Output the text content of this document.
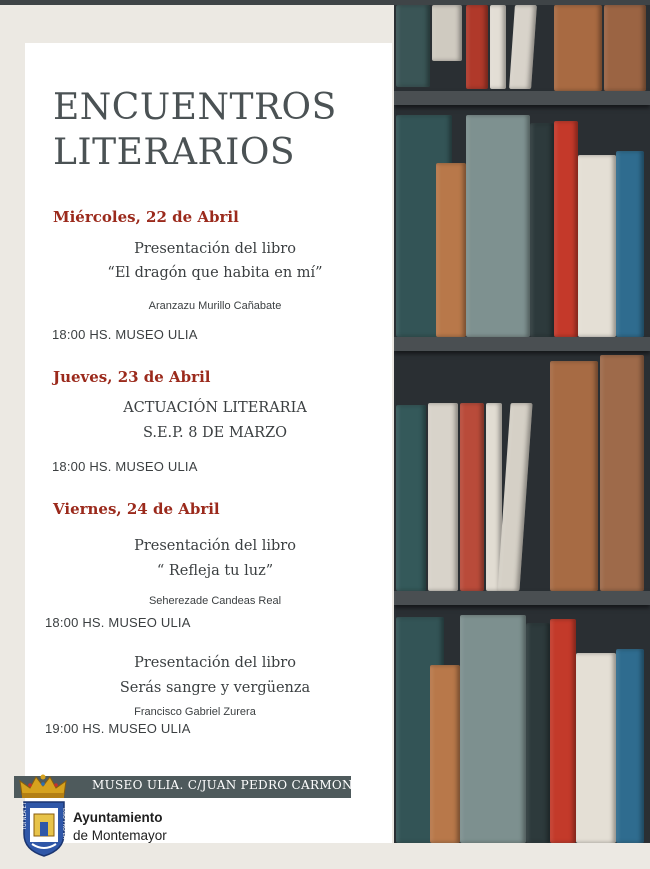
ENCUENTROS
LITERARIOS
Miércoles, 22 de Abril
Presentación del libro
“El dragón que habita en mí”
Aranzazu Murillo Cañabate
18:00 HS. MUSEO ULIA
Jueves, 23 de Abril
ACTUACIÓN LITERARIA
S.E.P. 8 DE MARZO
18:00 HS. MUSEO ULIA
Viernes, 24 de Abril
Presentación del libro
“ Refleja tu luz”
Seherezade Candeas Real
18:00 HS. MUSEO ULIA
Presentación del libro
Serás sangre y vergüenza
Francisco Gabriel Zurera
19:00 HS. MUSEO ULIA
MUSEO ULIA. C/JUAN PEDRO CARMONA, 6
TUI NEA ET	EGO PRO EA Ayuntamiento
de Montemayor
